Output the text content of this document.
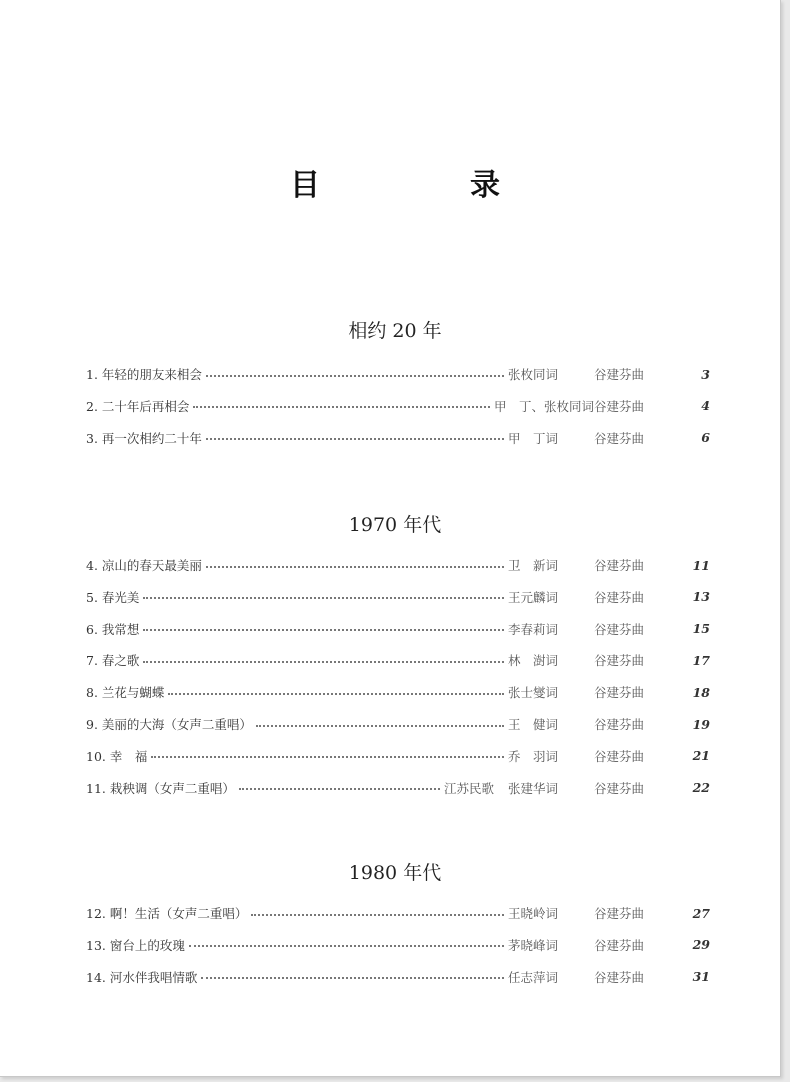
目　录
相约 20 年
1. 年轻的朋友来相会	张枚同词	谷建芬曲	3
2. 二十年后再相会	甲　丁、张枚同词 谷建芬曲	4
3. 再一次相约二十年	甲　丁词	谷建芬曲	6
1970 年代
4. 凉山的春天最美丽	卫　新词	谷建芬曲	11
5. 春光美	王元麟词	谷建芬曲	13
6. 我常想	李春莉词	谷建芬曲	15
7. 春之歌	林　澍词	谷建芬曲	17
8. 兰花与蝴蝶	张士燮词	谷建芬曲	18
9. 美丽的大海（女声二重唱）	王　健词	谷建芬曲	19
10. 幸　福	乔　羽词	谷建芬曲	21
11. 栽秧调（女声二重唱）	江苏民歌 张建华词	谷建芬曲	22
1980 年代
12. 啊！生活（女声二重唱）	王晓岭词	谷建芬曲	27
13. 窗台上的玫瑰	茅晓峰词	谷建芬曲	29
14. 河水伴我唱情歌	任志萍词	谷建芬曲	31
